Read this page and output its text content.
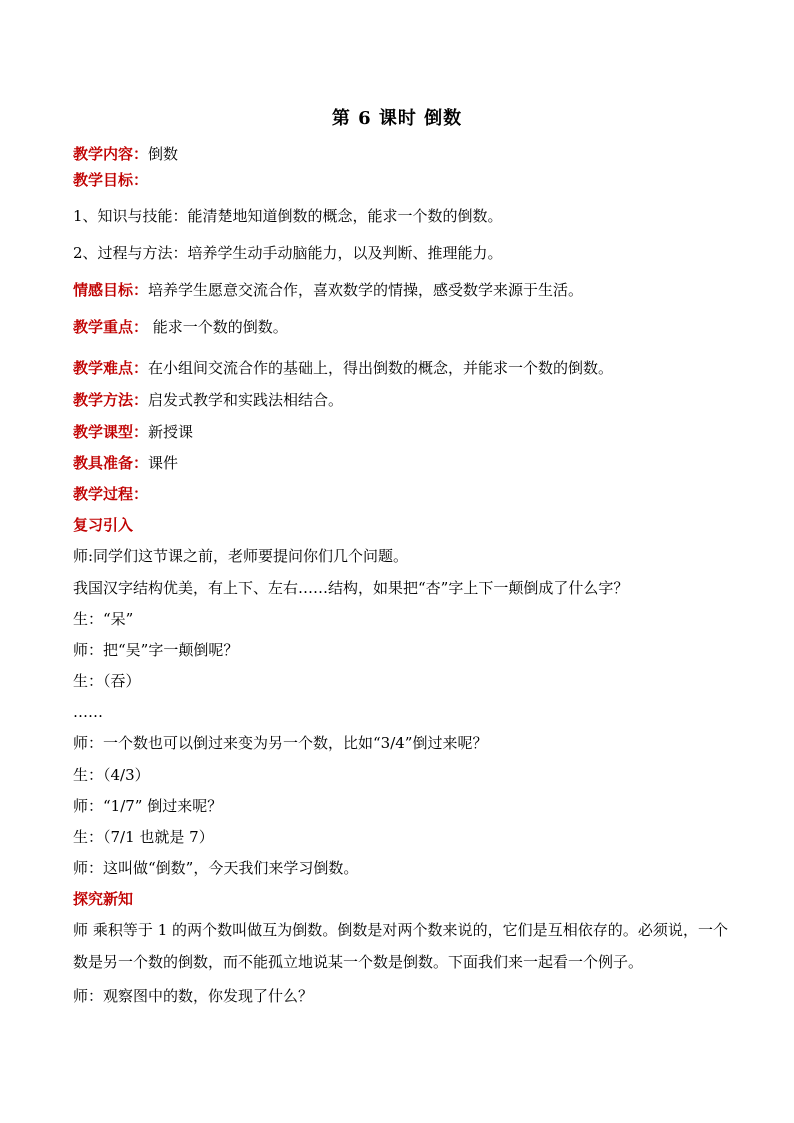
第 6 课时 倒数
教学内容：倒数
教学目标：
1、知识与技能：能清楚地知道倒数的概念，能求一个数的倒数。
2、过程与方法：培养学生动手动脑能力，以及判断、推理能力。
情感目标：培养学生愿意交流合作，喜欢数学的情操，感受数学来源于生活。
教学重点： 能求一个数的倒数。
教学难点：在小组间交流合作的基础上，得出倒数的概念，并能求一个数的倒数。
教学方法：启发式教学和实践法相结合。
教学课型：新授课
教具准备：课件
教学过程：
复习引入
师:同学们这节课之前，老师要提问你们几个问题。
我国汉字结构优美，有上下、左右……结构，如果把“杏”字上下一颠倒成了什么字？
生：“呆”
师：把“吴”字一颠倒呢？
生：（吞）
……
师：一个数也可以倒过来变为另一个数，比如“3/4”倒过来呢？
生：（4/3）
师：“1/7” 倒过来呢？
生：（7/1 也就是 7）
师：这叫做“倒数”，今天我们来学习倒数。
探究新知
师 乘积等于 1 的两个数叫做互为倒数。倒数是对两个数来说的，它们是互相依存的。必须说，一个数是另一个数的倒数，而不能孤立地说某一个数是倒数。下面我们来一起看一个例子。
师：观察图中的数，你发现了什么？
